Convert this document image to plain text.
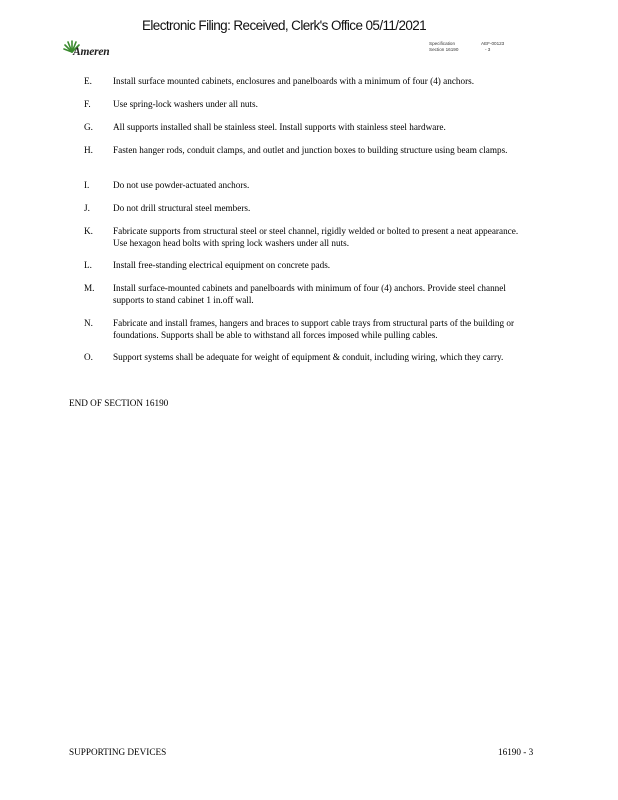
Electronic Filing: Received, Clerk's Office 05/11/2021
Ameren
Specification
Section 16190
AEF-00123
- 3
E. Install surface mounted cabinets, enclosures and panelboards with a minimum of four (4) anchors.
F. Use spring-lock washers under all nuts.
G. All supports installed shall be stainless steel. Install supports with stainless steel hardware.
H. Fasten hanger rods, conduit clamps, and outlet and junction boxes to building structure using beam clamps.
I.	Do not use powder-actuated anchors.
J.	Do not drill structural steel members.
K. Fabricate supports from structural steel or steel channel, rigidly welded or bolted to present a neat appearance. Use hexagon head bolts with spring lock washers under all nuts.
L. Install free-standing electrical equipment on concrete pads.
M. Install surface-mounted cabinets and panelboards with minimum of four (4) anchors. Provide steel channel supports to stand cabinet 1 in.off wall.
N. Fabricate and install frames, hangers and braces to support cable trays from structural parts of the building or foundations. Supports shall be able to withstand all forces imposed while pulling cables.
O. Support systems shall be adequate for weight of equipment & conduit, including wiring, which they carry.
END OF SECTION 16190
SUPPORTING DEVICES	16190 - 3
